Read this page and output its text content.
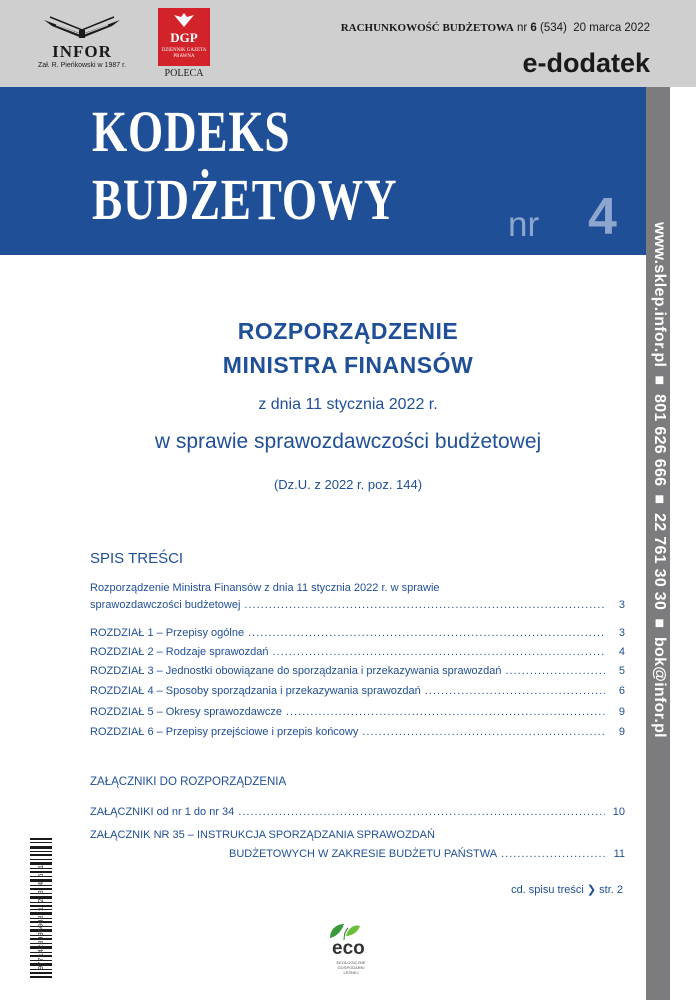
INFOR
Zał. R. Pieńkowski w 1987 r.
DGP
DZIENNIK GAZETA PRAWNA
POLECA
RACHUNKOWOŚĆ BUDŻETOWA nr 6 (534) 20 marca 2022
e-dodatek
KODEKS
BUDŻETOWY	nr 4
www.sklep.infor.pl ■ 801 626 666 ■ 22 761 30 30 ■ bok@infor.pl
ROZPORZĄDZENIE
MINISTRA FINANSÓW
z dnia 11 stycznia 2022 r.
w sprawie sprawozdawczości budżetowej
(Dz.U. z 2022 r. poz. 144)
SPIS TREŚCI
Rozporządzenie Ministra Finansów z dnia 11 stycznia 2022 r. w sprawie
sprawozdawczości budżetowej .....	3
ROZDZIAŁ 1 – Przepisy ogólne .....	3
ROZDZIAŁ 2 – Rodzaje sprawozdań .....	4
ROZDZIAŁ 3 – Jednostki obowiązane do sporządzania i przekazywania sprawozdań .....	5
ROZDZIAŁ 4 – Sposoby sporządzania i przekazywania sprawozdań .....	6
ROZDZIAŁ 5 – Okresy sprawozdawcze .....	9
ROZDZIAŁ 6 – Przepisy przejściowe i przepis końcowy .....	9
ZAŁĄCZNIKI DO ROZPORZĄDZENIA
ZAŁĄCZNIKI od nr 1 do nr 34 .....	10
ZAŁĄCZNIK NR 35 – INSTRUKCJA SPORZĄDZANIA SPRAWOZDAŃ
BUDŻETOWYCH W ZAKRESIE BUDŻETU PAŃSTWA .....	11
cd. spisu treści ❯ str. 2
9771428996008 1 2 3 4 5 1	eco
EKOLOGICZNE GOSPODARKI LEŚNEJ
